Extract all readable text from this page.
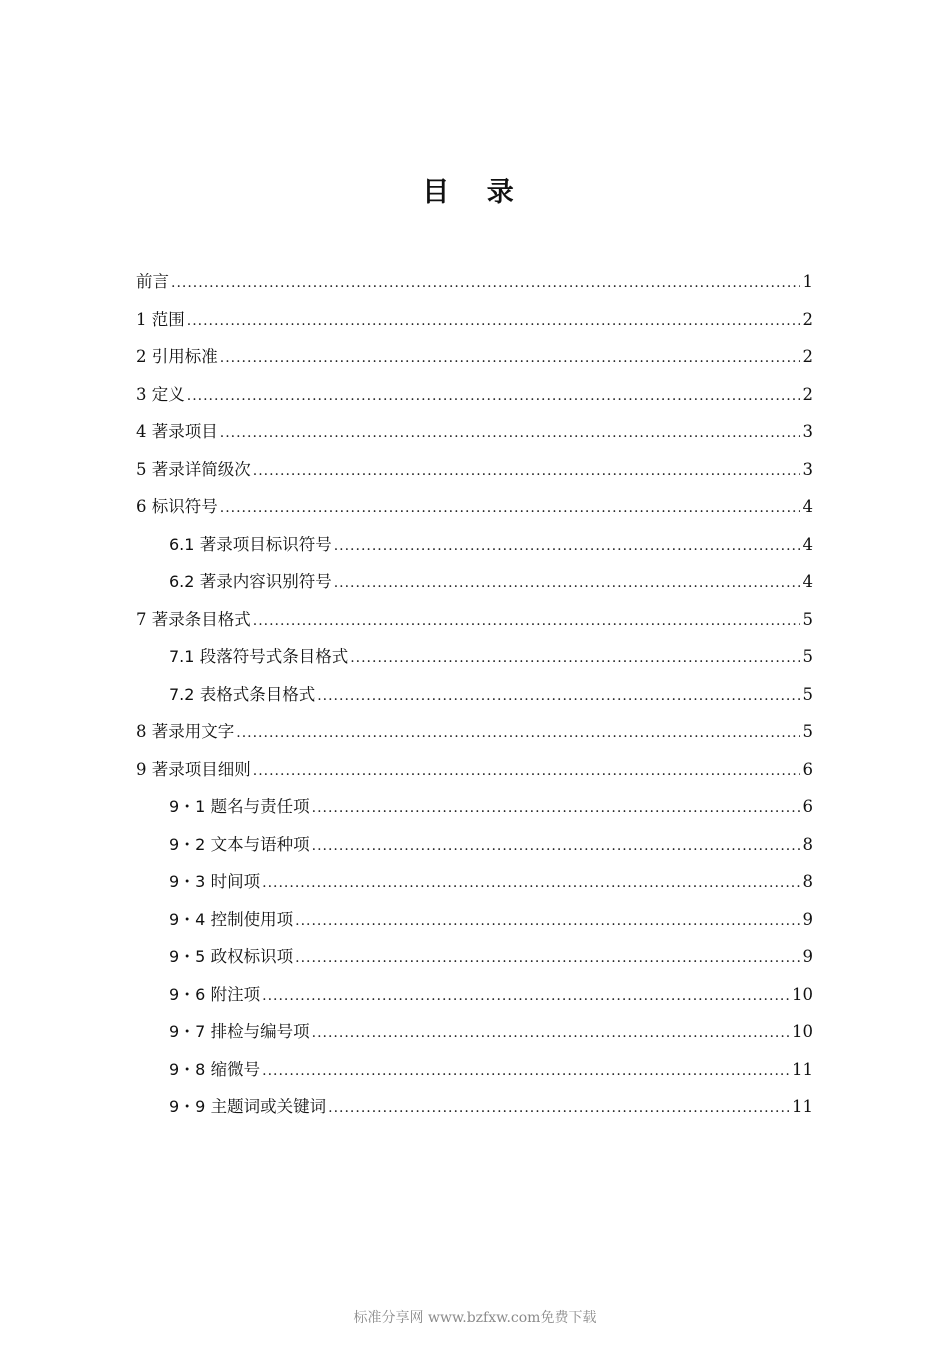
目 录
前言 .....	1
1 范围 .....	2
2 引用标准 .....	2
3 定义 .....	2
4 著录项目 .....	3
5 著录详简级次 .....	3
6 标识符号 .....	4
6.1 著录项目标识符号 .....	4
6.2 著录内容识别符号 .....	4
7 著录条目格式 .....	5
7.1 段落符号式条目格式 .....	5
7.2 表格式条目格式 .....	5
8 著录用文字 .....	5
9 著录项目细则 .....	6
9・1 题名与责任项 .....	6
9・2 文本与语种项 .....	8
9・3 时间项 .....	8
9・4 控制使用项 .....	9
9・5 政权标识项 .....	9
9・6 附注项 .....	10
9・7 排检与编号项 .....	10
9・8 缩微号 .....	11
9・9 主题词或关键词 .....	11
标准分享网 www.bzfxw.com免费下载
